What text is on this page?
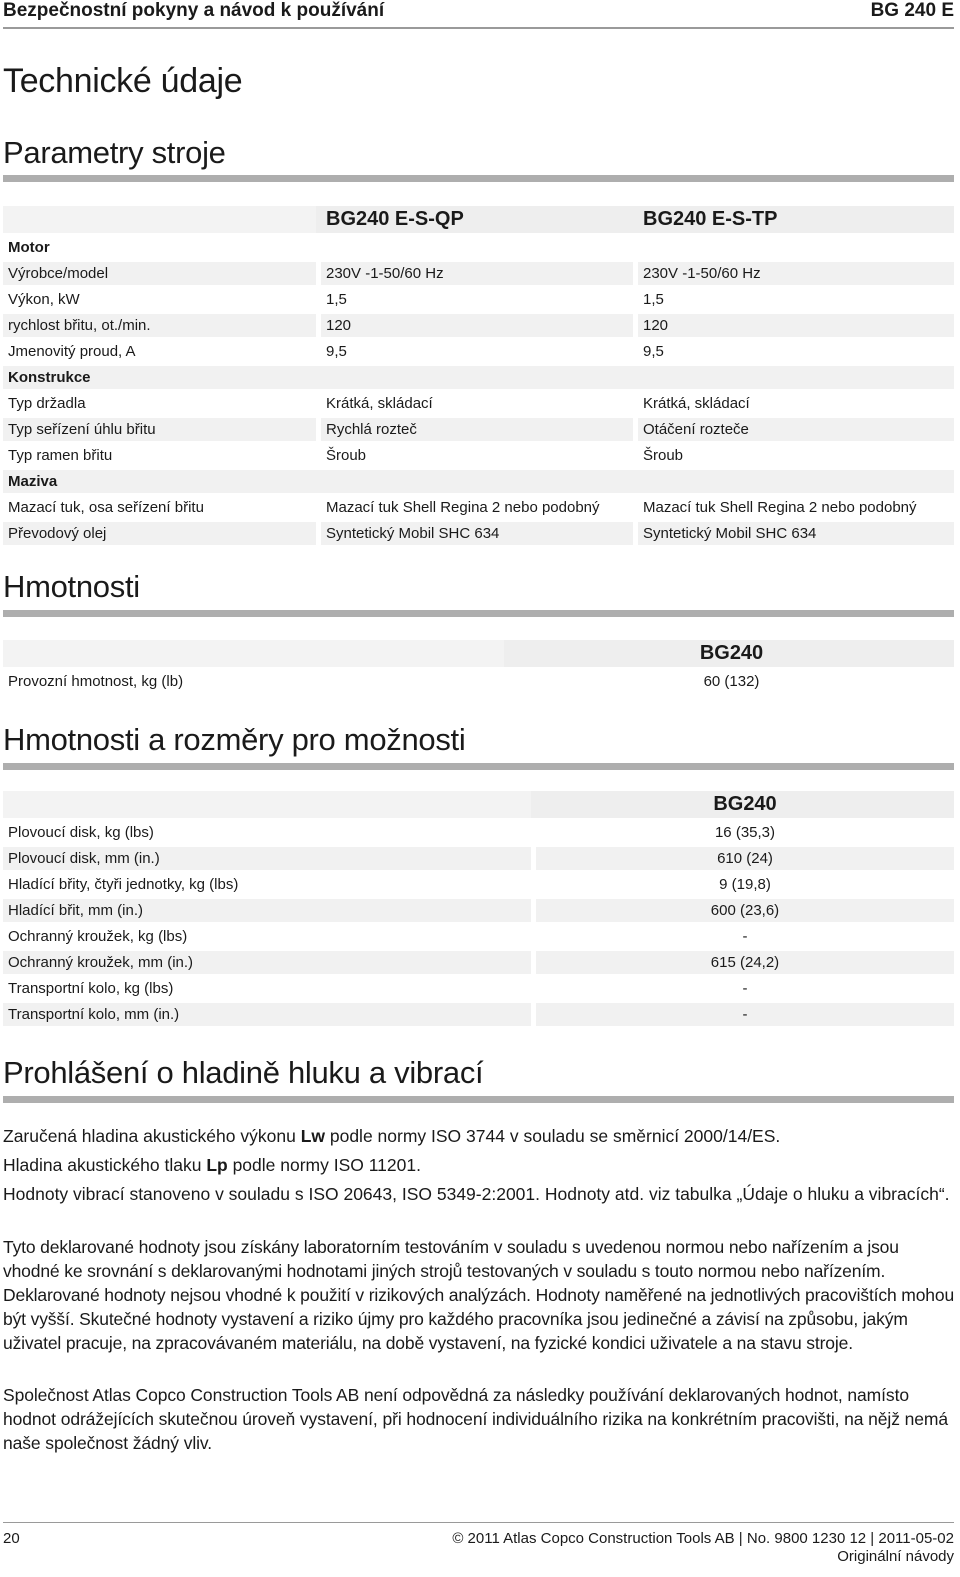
Bezpečnostní pokyny a návod k používání	BG 240 E
Technické údaje
Parametry stroje
		BG240 E-S-QP		BG240 E-S-TP
Motor				
Výrobce/model		230V -1-50/60 Hz		230V -1-50/60 Hz
Výkon, kW		1,5		1,5
rychlost břitu, ot./min.		120		120
Jmenovitý proud, A		9,5		9,5
Konstrukce				
Typ držadla		Krátká, skládací		Krátká, skládací
Typ seřízení úhlu břitu		Rychlá rozteč		Otáčení rozteče
Typ ramen břitu		Šroub		Šroub
Maziva				
Mazací tuk, osa seřízení břitu		Mazací tuk Shell Regina 2 nebo podobný		Mazací tuk Shell Regina 2 nebo podobný
Převodový olej		Syntetický Mobil SHC 634		Syntetický Mobil SHC 634
Hmotnosti
		BG240
Provozní hmotnost, kg (lb)		60 (132)
Hmotnosti a rozměry pro možnosti
		BG240
Plovoucí disk, kg (lbs)		16 (35,3)
Plovoucí disk, mm (in.)		610 (24)
Hladící břity, čtyři jednotky, kg (lbs)		9 (19,8)
Hladící břit, mm (in.)		600 (23,6)
Ochranný kroužek, kg (lbs)		-
Ochranný kroužek, mm (in.)		615 (24,2)
Transportní kolo, kg (lbs)		-
Transportní kolo, mm (in.)		-
Prohlášení o hladině hluku a vibrací

Zaručená hladina akustického výkonu Lw podle normy ISO 3744 v souladu se směrnicí 2000/14/ES.

Hladina akustického tlaku Lp podle normy ISO 11201.

Hodnoty vibrací stanoveno v souladu s ISO 20643, ISO 5349-2:2001. Hodnoty atd. viz tabulka „Údaje o hluku a vibracích“.

Tyto deklarované hodnoty jsou získány laboratorním testováním v souladu s uvedenou normou nebo nařízením a jsou vhodné ke srovnání s deklarovanými hodnotami jiných strojů testovaných v souladu s touto normou nebo nařízením. Deklarované hodnoty nejsou vhodné k použití v rizikových analýzách. Hodnoty naměřené na jednotlivých pracovištích mohou být vyšší. Skutečné hodnoty vystavení a riziko újmy pro každého pracovníka jsou jedinečné a závisí na způsobu, jakým uživatel pracuje, na zpracovávaném materiálu, na době vystavení, na fyzické kondici uživatele a na stavu stroje.

Společnost Atlas Copco Construction Tools AB není odpovědná za následky používání deklarovaných hodnot, namísto hodnot odrážejících skutečnou úroveň vystavení, při hodnocení individuálního rizika na konkrétním pracovišti, na nějž nemá naše společnost žádný vliv.

20	© 2011 Atlas Copco Construction Tools AB | No. 9800 1230 12 | 2011-05-02
Originální návody
